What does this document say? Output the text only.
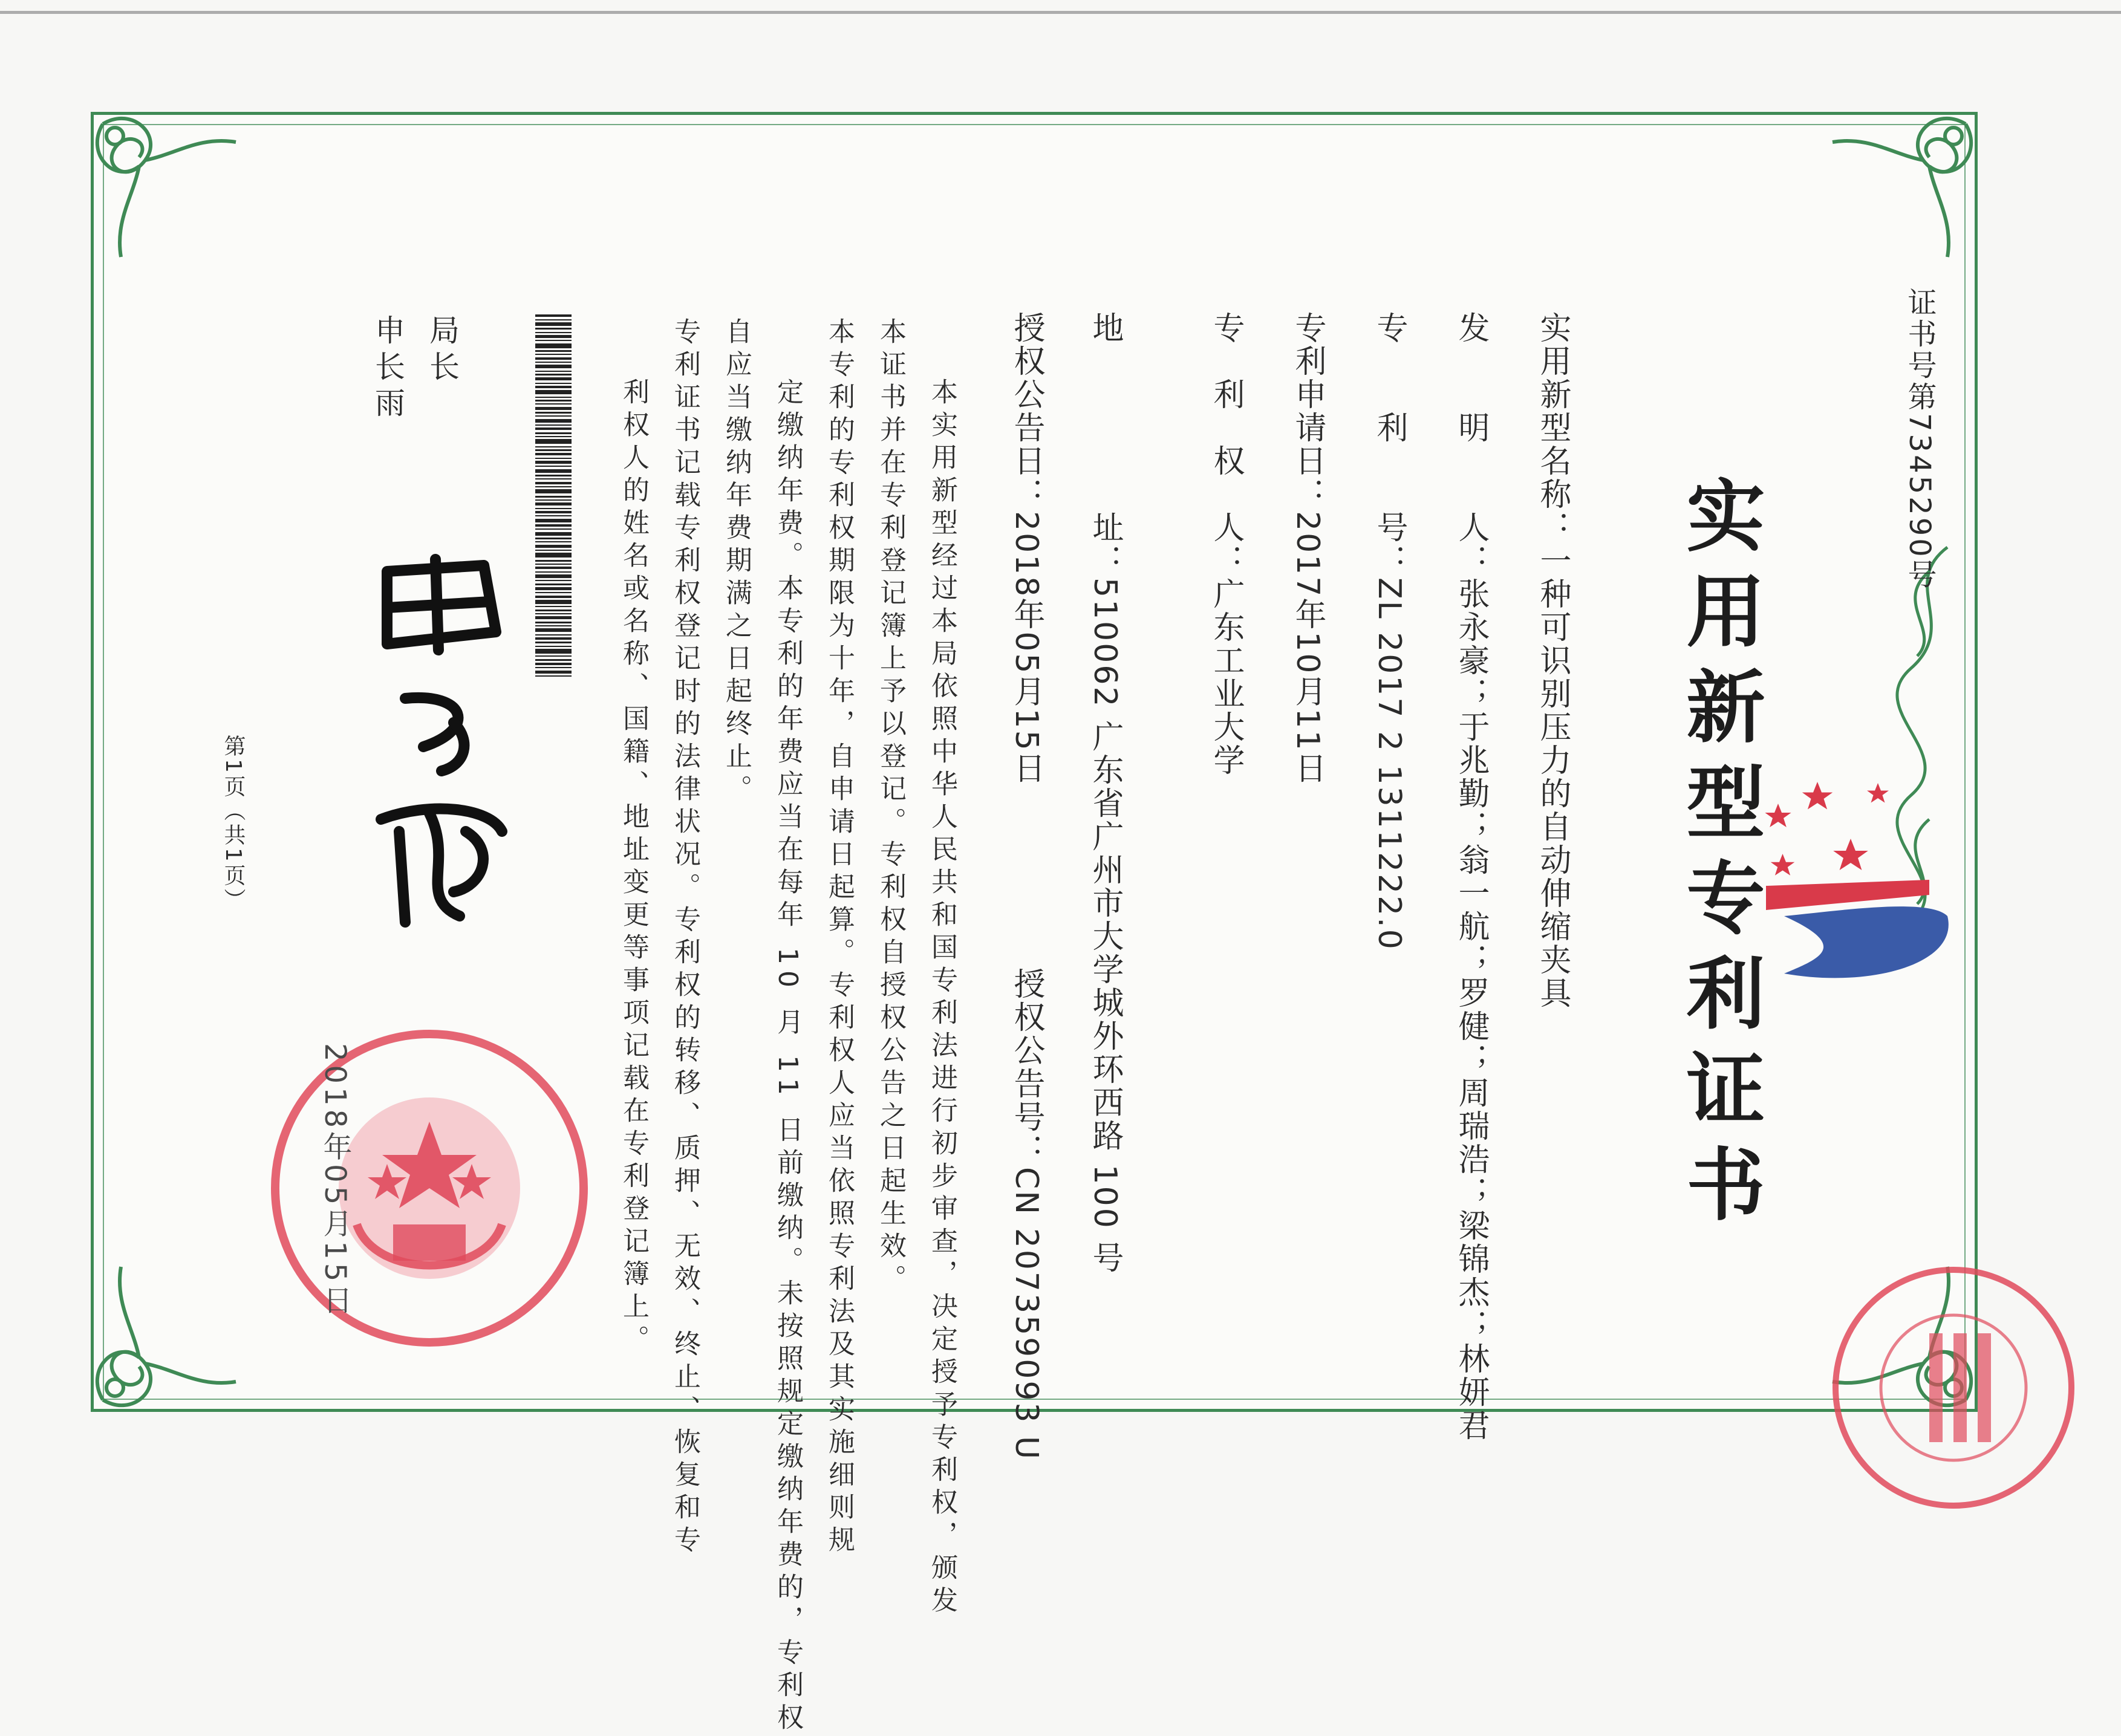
实用新型专利证书
证书号第7345290号
实用新型名称：一种可识别压力的自动伸缩夹具
发　　明　　人：张永豪；于兆勤；翁一航；罗健；周瑞浩；梁锦杰；林妍君
专　　利　　号：ZL 2017 2 1311222.0
专利申请日：2017年10月11日
专　利　权　人：广东工业大学
地　　　　　址：510062 广东省广州市大学城外环西路 100 号
授权公告日：2018年05月15日
授权公告号：CN 207359093 U
本实用新型经过本局依照中华人民共和国专利法进行初步审查，决定授予专利权，颁发
本证书并在专利登记簿上予以登记。专利权自授权公告之日起生效。
本专利的专利权期限为十年，自申请日起算。专利权人应当依照专利法及其实施细则规
定缴纳年费。本专利的年费应当在每年 10 月 11 日前缴纳。未按照规定缴纳年费的，专利权
自应当缴纳年费期满之日起终止。
专利证书记载专利权登记时的法律状况。专利权的转移、质押、无效、终止、恢复和专
利权人的姓名或名称、国籍、地址变更等事项记载在专利登记簿上。
局长
申长雨
第1页（共1页）
2018年05月15日
